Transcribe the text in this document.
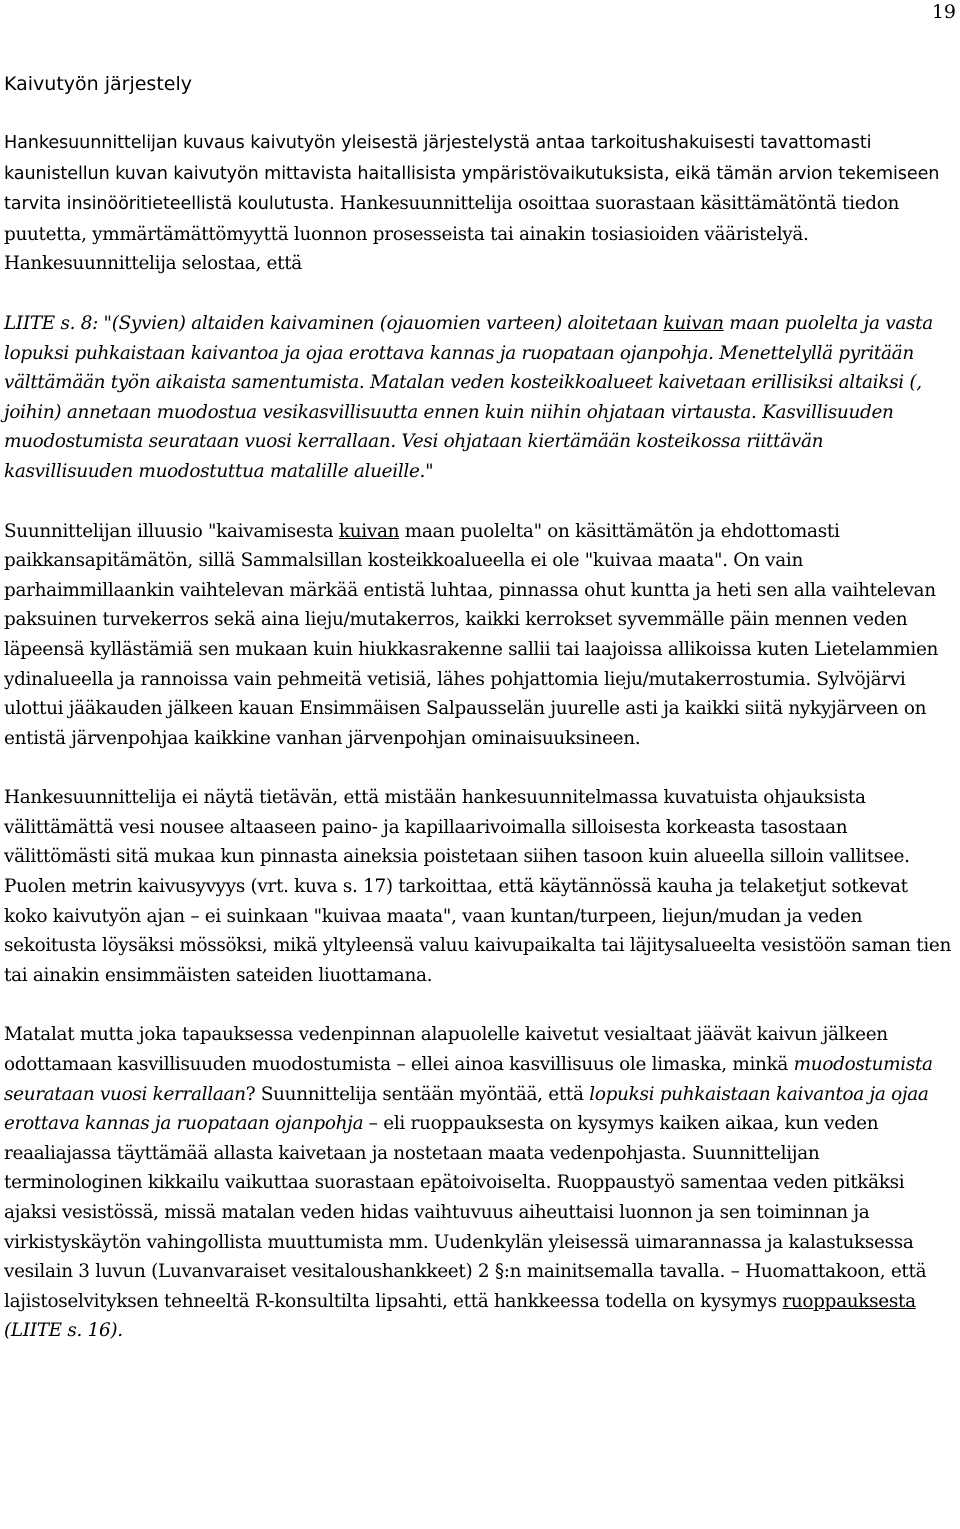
19
Kaivutyön järjestely

Hankesuunnittelijan kuvaus kaivutyön yleisestä järjestelystä antaa tarkoitushakuisesti tavattomasti kaunistellun kuvan kaivutyön mittavista haitallisista ympäristövaikutuksista, eikä tämän arvion tekemiseen tarvita insinööritieteellistä koulutusta. Hankesuunnittelija osoittaa suorastaan käsittämätöntä tiedon puutetta, ymmärtämättömyyttä luonnon prosesseista tai ainakin tosiasioiden vääristelyä. Hankesuunnittelija selostaa, että

LIITE s. 8: "(Syvien) altaiden kaivaminen (ojauomien varteen) aloitetaan kuivan maan puolelta ja vasta lopuksi puhkaistaan kaivantoa ja ojaa erottava kannas ja ruopataan ojanpohja. Menettelyllä pyritään välttämään työn aikaista samentumista. Matalan veden kosteikkoalueet kaivetaan erillisiksi altaiksi (, joihin) annetaan muodostua vesikasvillisuutta ennen kuin niihin ohjataan virtausta. Kasvillisuuden muodostumista seurataan vuosi kerrallaan. Vesi ohjataan kiertämään kosteikossa riittävän kasvillisuuden muodostuttua matalille alueille."

Suunnittelijan illuusio "kaivamisesta kuivan maan puolelta" on käsittämätön ja ehdottomasti paikkansapitämätön, sillä Sammalsillan kosteikkoalueella ei ole "kuivaa maata". On vain parhaimmillaankin vaihtelevan märkää entistä luhtaa, pinnassa ohut kuntta ja heti sen alla vaihtelevan paksuinen turvekerros sekä aina lieju/mutakerros, kaikki kerrokset syvemmälle päin mennen veden läpeensä kyllästämiä sen mukaan kuin hiukkasrakenne sallii tai laajoissa allikoissa kuten Lietelammien ydinalueella ja rannoissa vain pehmeitä vetisiä, lähes pohjattomia lieju/mutakerrostumia. Sylvöjärvi ulottui jääkauden jälkeen kauan Ensimmäisen Salpausselän juurelle asti ja kaikki siitä nykyjärveen on entistä järvenpohjaa kaikkine vanhan järvenpohjan ominaisuuksineen.

Hankesuunnittelija ei näytä tietävän, että mistään hankesuunnitelmassa kuvatuista ohjauksista välittämättä vesi nousee altaaseen paino- ja kapillaarivoimalla silloisesta korkeasta tasostaan välittömästi sitä mukaa kun pinnasta aineksia poistetaan siihen tasoon kuin alueella silloin vallitsee. Puolen metrin kaivusyvyys (vrt. kuva s. 17) tarkoittaa, että käytännössä kauha ja telaketjut sotkevat koko kaivutyön ajan – ei suinkaan "kuivaa maata", vaan kuntan/turpeen, liejun/mudan ja veden sekoitusta löysäksi mössöksi, mikä yltyleensä valuu kaivupaikalta tai läjitysalueelta vesistöön saman tien tai ainakin ensimmäisten sateiden liuottamana.

Matalat mutta joka tapauksessa vedenpinnan alapuolelle kaivetut vesialtaat jäävät kaivun jälkeen odottamaan kasvillisuuden muodostumista – ellei ainoa kasvillisuus ole limaska, minkä muodostumista seurataan vuosi kerrallaan? Suunnittelija sentään myöntää, että lopuksi puhkaistaan kaivantoa ja ojaa erottava kannas ja ruopataan ojanpohja – eli ruoppauksesta on kysymys kaiken aikaa, kun veden reaaliajassa täyttämää allasta kaivetaan ja nostetaan maata vedenpohjasta. Suunnittelijan terminologinen kikkailu vaikuttaa suorastaan epätoivoiselta. Ruoppaustyö samentaa veden pitkäksi ajaksi vesistössä, missä matalan veden hidas vaihtuvuus aiheuttaisi luonnon ja sen toiminnan ja virkistyskäytön vahingollista muuttumista mm. Uudenkylän yleisessä uimarannassa ja kalastuksessa vesilain 3 luvun (Luvanvaraiset vesitaloushankkeet) 2 §:n mainitsemalla tavalla. – Huomattakoon, että lajistoselvityksen tehneeltä R-konsultilta lipsahti, että hankkeessa todella on kysymys ruoppauksesta (LIITE s. 16).
